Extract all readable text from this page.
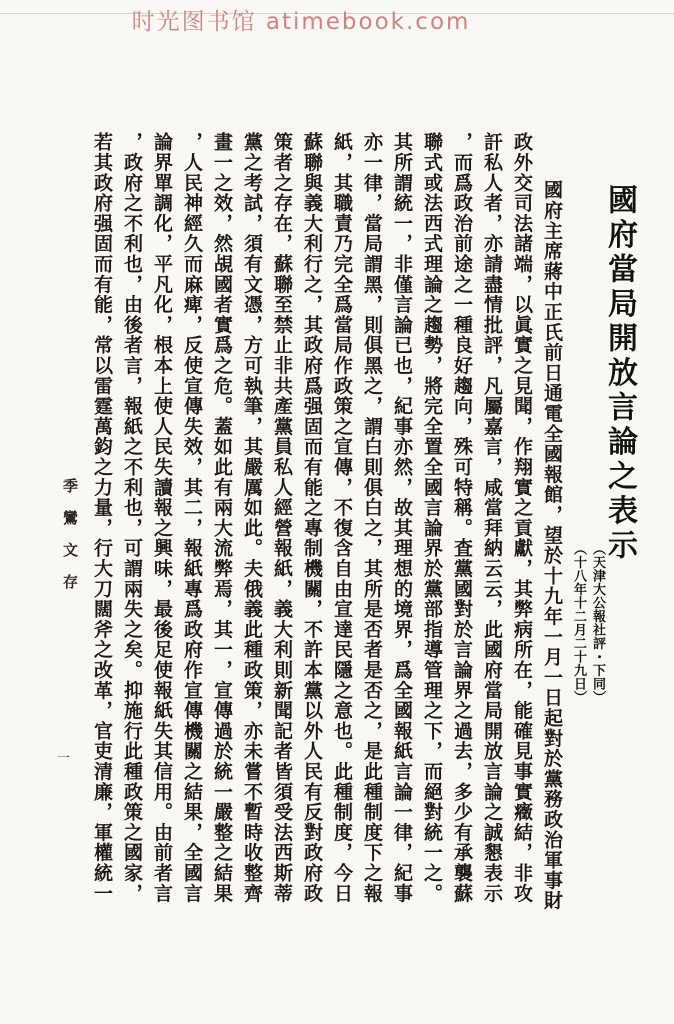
时光图书馆 atimebook.com
國府當局開放言論之表示
（天津大公報社評・下同）
（十八年十二月二十九日）
國府主席蔣中正氏前日通電全國報館，望於十九年一月一日起對於黨務政治軍事財
政外交司法諸端，以眞實之見聞，作翔實之貢獻，其弊病所在，能確見事實癥結，非攻
訐私人者，亦請盡情批評，凡屬嘉言，咸當拜納云云，此國府當局開放言論之誠懇表示
，而爲政治前途之一種良好趨向，殊可特稱。査黨國對於言論界之過去，多少有承襲蘇
聯式或法西式理論之趨勢，將完全置全國言論界於黨部指導管理之下，而絕對統一之。
其所謂統一，非僅言論已也，紀事亦然，故其理想的境界，爲全國報紙言論一律，紀事
亦一律，當局謂黑，則俱黑之，謂白則俱白之，其所是否者是否之，是此種制度下之報
紙，其職責乃完全爲當局作政策之宣傳，不復含自由宣達民隱之意也。此種制度，今日
蘇聯與義大利行之，其政府爲强固而有能之專制機關，不許本黨以外人民有反對政府政
策者之存在，蘇聯至禁止非共產黨員私人經營報紙，義大利則新聞記者皆須受法西斯蒂
黨之考試，須有文憑，方可執筆，其嚴厲如此。夫俄義此種政策，亦未嘗不暫時收整齊
畫一之效，然覘國者實爲之危。蓋如此有兩大流弊焉，其一，宣傳過於統一嚴整之結果
，人民神經久而麻痺，反使宣傳失效，其二，報紙專爲政府作宣傳機關之結果，全國言
論界單調化，平凡化，根本上使人民失讀報之興味，最後足使報紙失其信用。由前者言
，政府之不利也，由後者言，報紙之不利也，可謂兩失之矣。抑施行此種政策之國家，
若其政府强固而有能，常以雷霆萬鈞之力量，行大刀闊斧之改革，官吏清廉，軍權統一
季鸞文存
一
